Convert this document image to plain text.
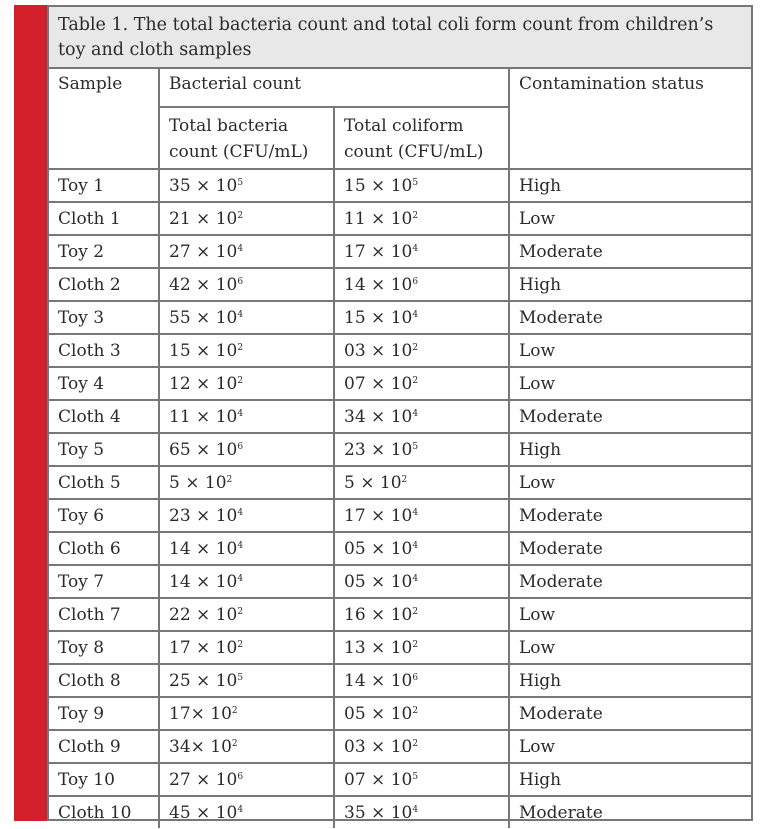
Table 1. The total bacteria count and total coli form count from children’s toy and cloth samples
Sample	Bacterial count		Contamination status
	Total bacteria count (CFU/mL)	Total coliform count (CFU/mL)	
Toy 1	$35 \times 10^5$	$15 \times 10^5$	High
Cloth 1	$21 \times 10^2$	$11 \times 10^2$	Low
Toy 2	$27 \times 10^4$	$17 \times 10^4$	Moderate
Cloth 2	$42 \times 10^6$	$14 \times 10^6$	High
Toy 3	$55 \times 10^4$	$15 \times 10^4$	Moderate
Cloth 3	$15 \times 10^2$	$03 \times 10^2$	Low
Toy 4	$12 \times 10^2$	$07 \times 10^2$	Low
Cloth 4	$11 \times 10^4$	$34 \times 10^4$	Moderate
Toy 5	$65 \times 10^6$	$23 \times 10^5$	High
Cloth 5	$5 \times 10^2$	$5 \times 10^2$	Low
Toy 6	$23 \times 10^4$	$17 \times 10^4$	Moderate
Cloth 6	$14 \times 10^4$	$05 \times 10^4$	Moderate
Toy 7	$14 \times 10^4$	$05 \times 10^4$	Moderate
Cloth 7	$22 \times 10^2$	$16 \times 10^2$	Low
Toy 8	$17 \times 10^2$	$13 \times 10^2$	Low
Cloth 8	$25 \times 10^5$	$14 \times 10^6$	High
Toy 9	$17\times 10^2$	$05 \times 10^2$	Moderate
Cloth 9	$34\times 10^2$	$03 \times 10^2$	Low
Toy 10	$27 \times 10^6$	$07 \times 10^5$	High
Cloth 10	$45 \times 10^4$	$35 \times 10^4$	Moderate
